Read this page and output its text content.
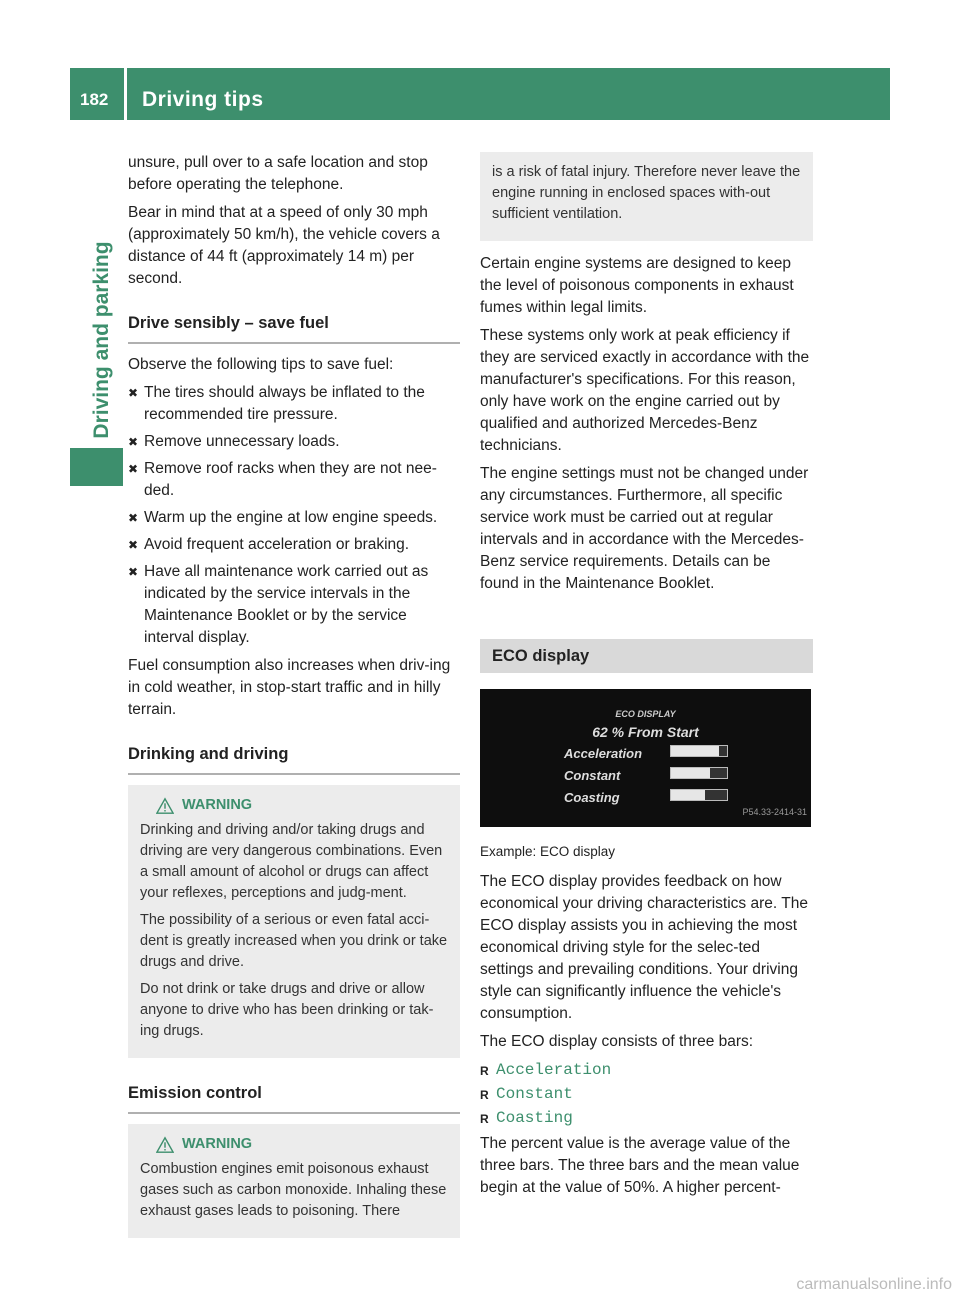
182 Driving tips
Driving and parking

unsure, pull over to a safe location and stop before operating the telephone.

Bear in mind that at a speed of only 30 mph (approximately 50 km/h), the vehicle covers a distance of 44 ft (approximately 14 m) per second.

Drive sensibly – save fuel

Observe the following tips to save fuel:

✖ The tires should always be inflated to the recommended tire pressure.
✖ Remove unnecessary loads.
✖ Remove roof racks when they are not nee-ded.
✖ Warm up the engine at low engine speeds.
✖ Avoid frequent acceleration or braking.
✖ Have all maintenance work carried out as indicated by the service intervals in the Maintenance Booklet or by the service interval display.

Fuel consumption also increases when driv-ing in cold weather, in stop-start traffic and in hilly terrain.

Drinking and driving
WARNING

Drinking and driving and/or taking drugs and driving are very dangerous combinations. Even a small amount of alcohol or drugs can affect your reflexes, perceptions and judg-ment.

The possibility of a serious or even fatal acci-dent is greatly increased when you drink or take drugs and drive.

Do not drink or take drugs and drive or allow anyone to drive who has been drinking or tak-ing drugs.

Emission control
WARNING

Combustion engines emit poisonous exhaust gases such as carbon monoxide. Inhaling these exhaust gases leads to poisoning. There

is a risk of fatal injury. Therefore never leave the engine running in enclosed spaces with-out sufficient ventilation.

Certain engine systems are designed to keep the level of poisonous components in exhaust fumes within legal limits.

These systems only work at peak efficiency if they are serviced exactly in accordance with the manufacturer's specifications. For this reason, only have work on the engine carried out by qualified and authorized Mercedes-Benz technicians.

The engine settings must not be changed under any circumstances. Furthermore, all specific service work must be carried out at regular intervals and in accordance with the Mercedes-Benz service requirements. Details can be found in the Maintenance Booklet.

ECO display
ECO DISPLAY
62 % From Start
Acceleration
Constant
Coasting
P54.33-2414-31
Example: ECO display

The ECO display provides feedback on how economical your driving characteristics are. The ECO display assists you in achieving the most economical driving style for the selec-ted settings and prevailing conditions. Your driving style can significantly influence the vehicle's consumption.

The ECO display consists of three bars:

R Acceleration
R Constant
R Coasting

The percent value is the average value of the three bars. The three bars and the mean value begin at the value of 50%. A higher percent-

carmanualsonline.info
